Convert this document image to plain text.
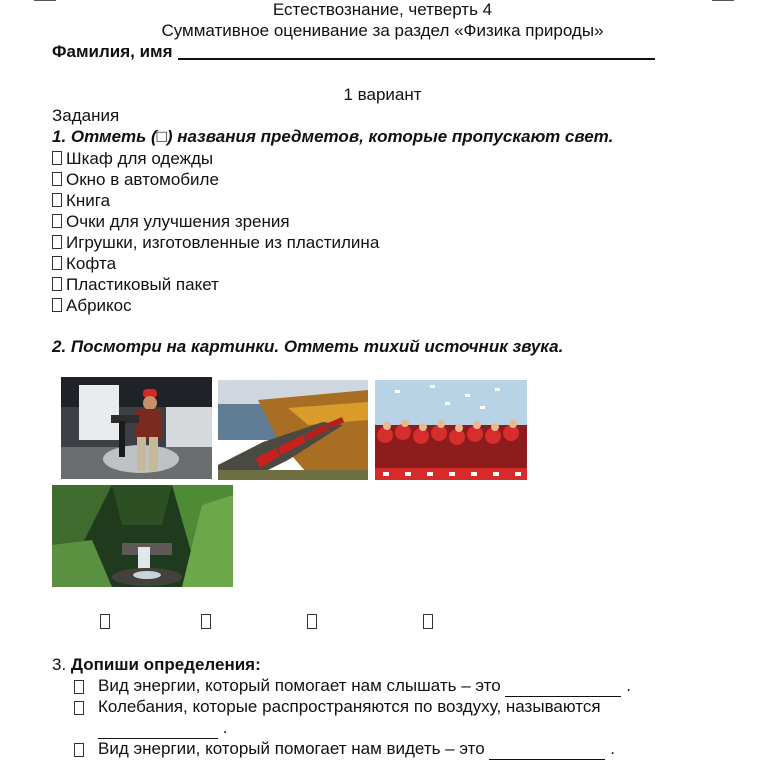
Естествознание, четверть 4
Суммативное оценивание за раздел «Физика природы»
Фамилия, имя
1 вариант
Задания
1. Отметь (□) названия предметов, которые пропускают свет.
Шкаф для одежды
Окно в автомобиле
Книга
Очки для улучшения зрения
Игрушки, изготовленные из пластилина
Кофта
Пластиковый пакет
Абрикос
2. Посмотри на картинки. Отметь тихий источник звука.
3. Допиши определения:
Вид энергии, который помогает нам слышать – это	.
Колебания, которые распространяются по воздуху, называются
.
Вид энергии, который помогает нам видеть – это	.
